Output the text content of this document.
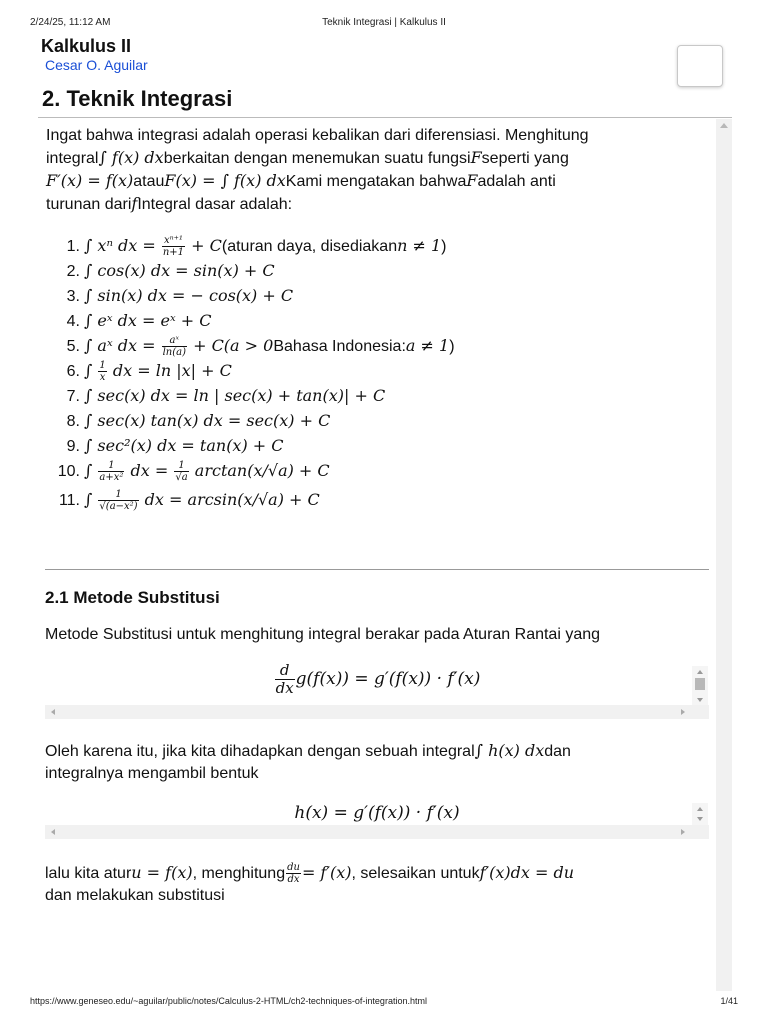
2/24/25, 11:12 AM	Teknik Integrasi | Kalkulus II
Kalkulus II
Cesar O. Aguilar
2. Teknik Integrasi
Ingat bahwa integrasi adalah operasi kebalikan dari diferensiasi. Menghitung
integral∫ f(x) dxberkaitan dengan menemukan suatu fungsiFseperti yang
F′(x) = f(x)atauF(x) = ∫ f(x) dxKami mengatakan bahwaFadalah anti
turunan darifIntegral dasar adalah:
1. ∫ xⁿ dx = $\frac{\text{xⁿ⁺¹}}{n+1}$ + C(aturan daya, disediakann ≠ 1)
2. ∫ cos(x) dx = sin(x) + C
3. ∫ sin(x) dx = − cos(x) + C
4. ∫ eˣ dx = eˣ + C
5. ∫ aˣ dx = $\frac{\text{aˣ}}{\ln(a)} + C(a$ > 0Bahasa Indonesia:a ≠ 1)
6. ∫ $\frac{1}{x}$ dx = ln |x| + C
7. ∫ sec(x) dx = ln | sec(x) + tan(x)| + C
8. ∫ sec(x) tan(x) dx = sec(x) + C
9. ∫ sec²(x) dx = tan(x) + C
10. ∫ $\frac{1}{\text{a+x²}}$ dx = $\frac{1}{√a} \arctan(x/√a) + C$
11. ∫ $\frac{1}{\text{√(a−x²)}}$ dx = arcsin(x/√a) + C
2.1 Metode Substitusi
Metode Substitusi untuk menghitung integral berakar pada Aturan Rantai yang
$\frac{d}{dx} g(f(x)) = g'(f(x)) \cdot f'(x)$
Oleh karena itu, jika kita dihadapkan dengan sebuah integral∫ h(x) dxdan
integralnya mengambil bentuk
h(x) = g′(f(x)) · f′(x)
lalu kita aturu = f(x), menghitung $\frac{du}{dx} = f'(x)$, selesaikan untukf′(x)dx = du
dan melakukan substitusi
https://www.geneseo.edu/~aguilar/public/notes/Calculus-2-HTML/ch2-techniques-of-integration.html	1/41
